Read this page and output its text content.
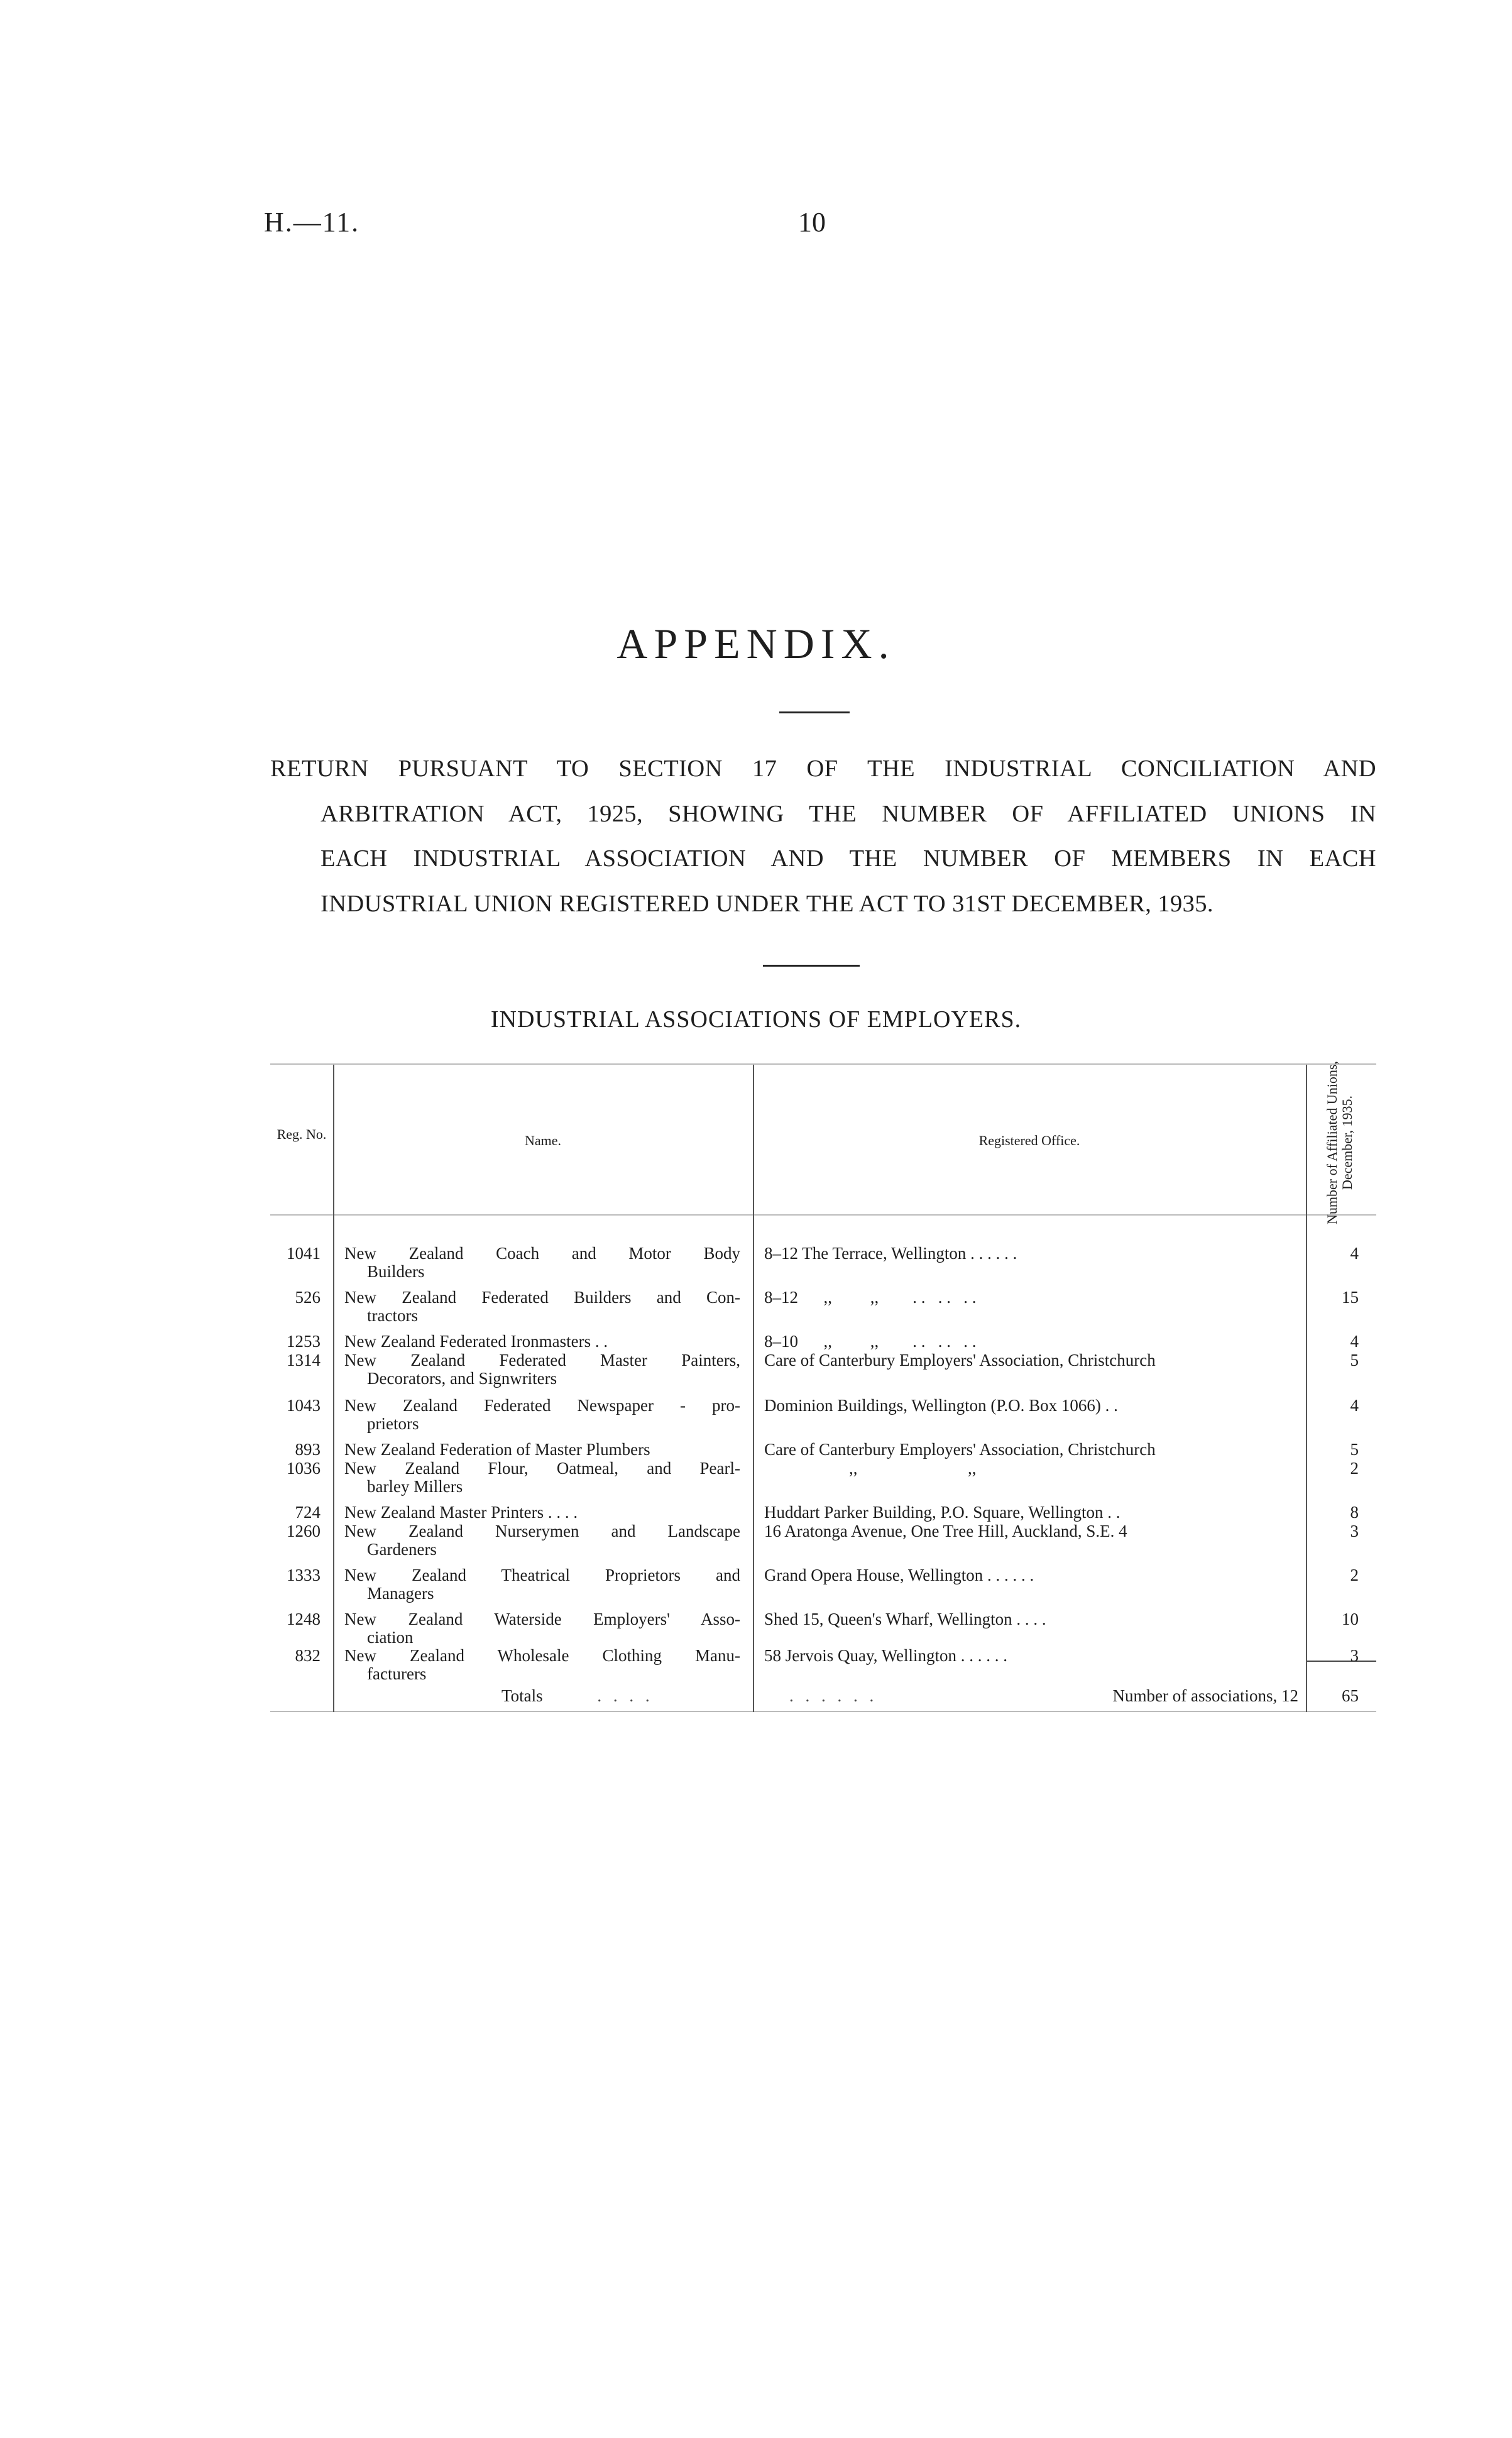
H.—11.	10
APPENDIX.
RETURN PURSUANT TO SECTION 17 OF THE INDUSTRIAL CONCILIATION AND
ARBITRATION ACT, 1925, SHOWING THE NUMBER OF AFFILIATED UNIONS IN
EACH INDUSTRIAL ASSOCIATION AND THE NUMBER OF MEMBERS IN EACH
INDUSTRIAL UNION REGISTERED UNDER THE ACT TO 31ST DECEMBER, 1935.
INDUSTRIAL ASSOCIATIONS OF EMPLOYERS.
Reg. No.	Name.	Registered Office.	Number of Affiliated Unions, December, 1935.
1041 New Zealand Coach and Motor Body
Builders
8–12 The Terrace, Wellington . . . . . .	4
526 New Zealand Federated Builders and Con-
tractors
8–12      ,,         ,,        . .   . .   . .	15
1253 New Zealand Federated Ironmasters . .	8–10      ,,         ,,        . .   . .   . .	4
1314 New Zealand Federated Master Painters,
Decorators, and Signwriters
Care of Canterbury Employers' Association, Christchurch	5
1043 New Zealand Federated Newspaper - pro-
prietors
Dominion Buildings, Wellington (P.O. Box 1066) . .	4
893 New Zealand Federation of Master Plumbers	Care of Canterbury Employers' Association, Christchurch	5
1036 New Zealand Flour, Oatmeal, and Pearl-
barley Millers
,,                          ,,	2
724 New Zealand Master Printers . . . .	Huddart Parker Building, P.O. Square, Wellington . .	8
1260 New Zealand Nurserymen and Landscape
Gardeners
16 Aratonga Avenue, One Tree Hill, Auckland, S.E. 4	3
1333 New Zealand Theatrical Proprietors and
Managers
Grand Opera House, Wellington . . . . . .	2
1248 New Zealand Waterside Employers' Asso-
ciation
Shed 15, Queen's Wharf, Wellington . . . .	10
832 New Zealand Wholesale Clothing Manu-
facturers
58 Jervois Quay, Wellington . . . . . .	3
Totals	. . . .	. . . . . .	Number of associations, 12	65
